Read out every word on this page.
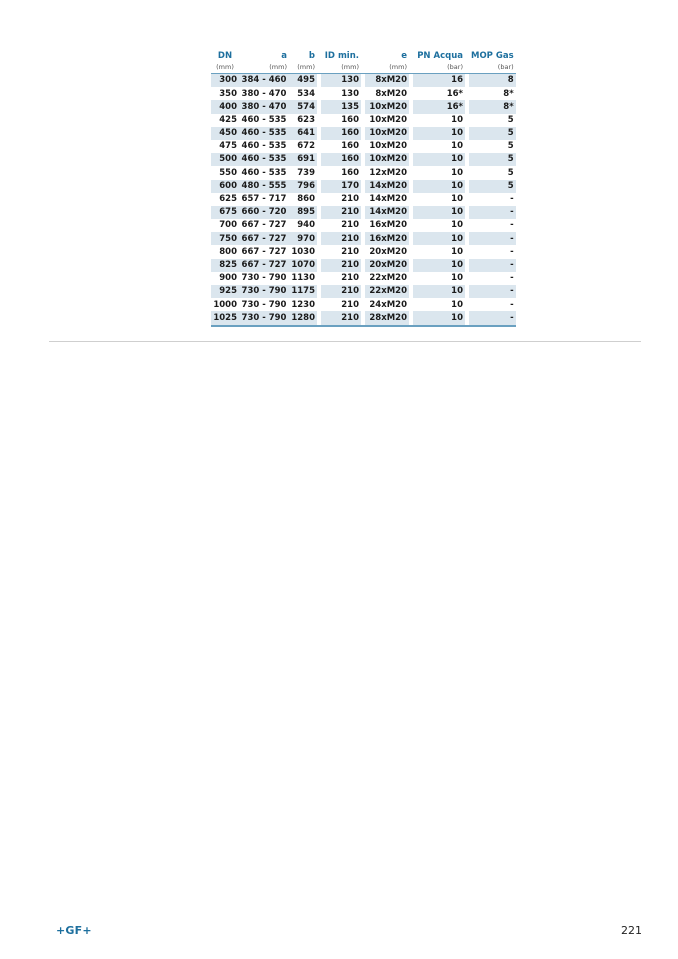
DN	a	b		ID min.		e		PN Acqua		MOP Gas
(mm)	(mm)	(mm)		(mm)		(mm)		(bar)		(bar)
300	384 - 460	495		130		8xM20		16		8
350	380 - 470	534		130		8xM20		16*		8*
400	380 - 470	574		135		10xM20		16*		8*
425	460 - 535	623		160		10xM20		10		5
450	460 - 535	641		160		10xM20		10		5
475	460 - 535	672		160		10xM20		10		5
500	460 - 535	691		160		10xM20		10		5
550	460 - 535	739		160		12xM20		10		5
600	480 - 555	796		170		14xM20		10		5
625	657 - 717	860		210		14xM20		10		-
675	660 - 720	895		210		14xM20		10		-
700	667 - 727	940		210		16xM20		10		-
750	667 - 727	970		210		16xM20		10		-
800	667 - 727	1030		210		20xM20		10		-
825	667 - 727	1070		210		20xM20		10		-
900	730 - 790	1130		210		22xM20		10		-
925	730 - 790	1175		210		22xM20		10		-
1000	730 - 790	1230		210		24xM20		10		-
1025	730 - 790	1280		210		28xM20		10		-
+GF+	221
